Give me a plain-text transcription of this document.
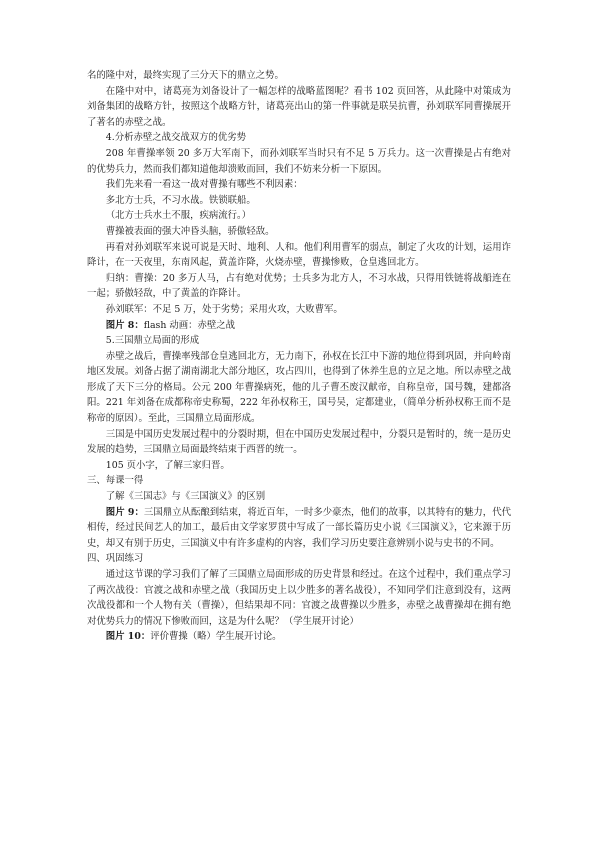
名的隆中对，最终实现了三分天下的鼎立之势。

在隆中对中，诸葛亮为刘备设计了一幅怎样的战略蓝图呢？看书 102 页回答，从此隆中对策成为刘备集团的战略方针，按照这个战略方针，诸葛亮出山的第一件事就是联吴抗曹，孙刘联军同曹操展开了著名的赤壁之战。

4.分析赤壁之战交战双方的优劣势

208 年曹操率领 20 多万大军南下，而孙刘联军当时只有不足 5 万兵力。这一次曹操是占有绝对的优势兵力，然而我们都知道他却溃败而回，我们不妨来分析一下原因。

我们先来看一看这一战对曹操有哪些不利因素：

多北方士兵，不习水战。铁锁联船。

（北方士兵水土不服，疾病流行。）

曹操被表面的强大冲昏头脑，骄傲轻敌。

再看对孙刘联军来说可说是天时、地利、人和。他们利用曹军的弱点，制定了火攻的计划，运用诈降计，在一天夜里，东南风起，黄盖诈降，火烧赤壁，曹操惨败，仓皇逃回北方。

归纳：曹操：20 多万人马，占有绝对优势；士兵多为北方人，不习水战，只得用铁链将战船连在一起；骄傲轻敌，中了黄盖的诈降计。

孙刘联军：不足 5 万，处于劣势；采用火攻，大败曹军。

图片 8：flash 动画：赤壁之战

5.三国鼎立局面的形成

赤壁之战后，曹操率残部仓皇逃回北方，无力南下，孙权在长江中下游的地位得到巩固，并向岭南地区发展。刘备占据了湖南湖北大部分地区，攻占四川，也得到了休养生息的立足之地。所以赤壁之战形成了天下三分的格局。公元 200 年曹操病死，他的儿子曹丕废汉献帝，自称皇帝，国号魏，建都洛阳。221 年刘备在成都称帝史称蜀，222 年孙权称王，国号吴，定都建业，（简单分析孙权称王而不是称帝的原因）。至此，三国鼎立局面形成。

三国是中国历史发展过程中的分裂时期，但在中国历史发展过程中，分裂只是暂时的，统一是历史发展的趋势，三国鼎立局面最终结束于西晋的统一。

105 页小字，了解三家归晋。

三、每课一得

了解《三国志》与《三国演义》的区别

图片 9：三国鼎立从酝酿到结束，将近百年，一时多少豪杰，他们的故事，以其特有的魅力，代代相传，经过民间艺人的加工，最后由文学家罗贯中写成了一部长篇历史小说《三国演义》，它来源于历史，却又有别于历史，三国演义中有许多虚构的内容，我们学习历史要注意辨别小说与史书的不同。

四、巩固练习

通过这节课的学习我们了解了三国鼎立局面形成的历史背景和经过。在这个过程中，我们重点学习了两次战役：官渡之战和赤壁之战（我国历史上以少胜多的著名战役），不知同学们注意到没有，这两次战役都和一个人物有关（曹操），但结果却不同：官渡之战曹操以少胜多，赤壁之战曹操却在拥有绝对优势兵力的情况下惨败而回，这是为什么呢？（学生展开讨论）

图片 10：评价曹操（略）学生展开讨论。
